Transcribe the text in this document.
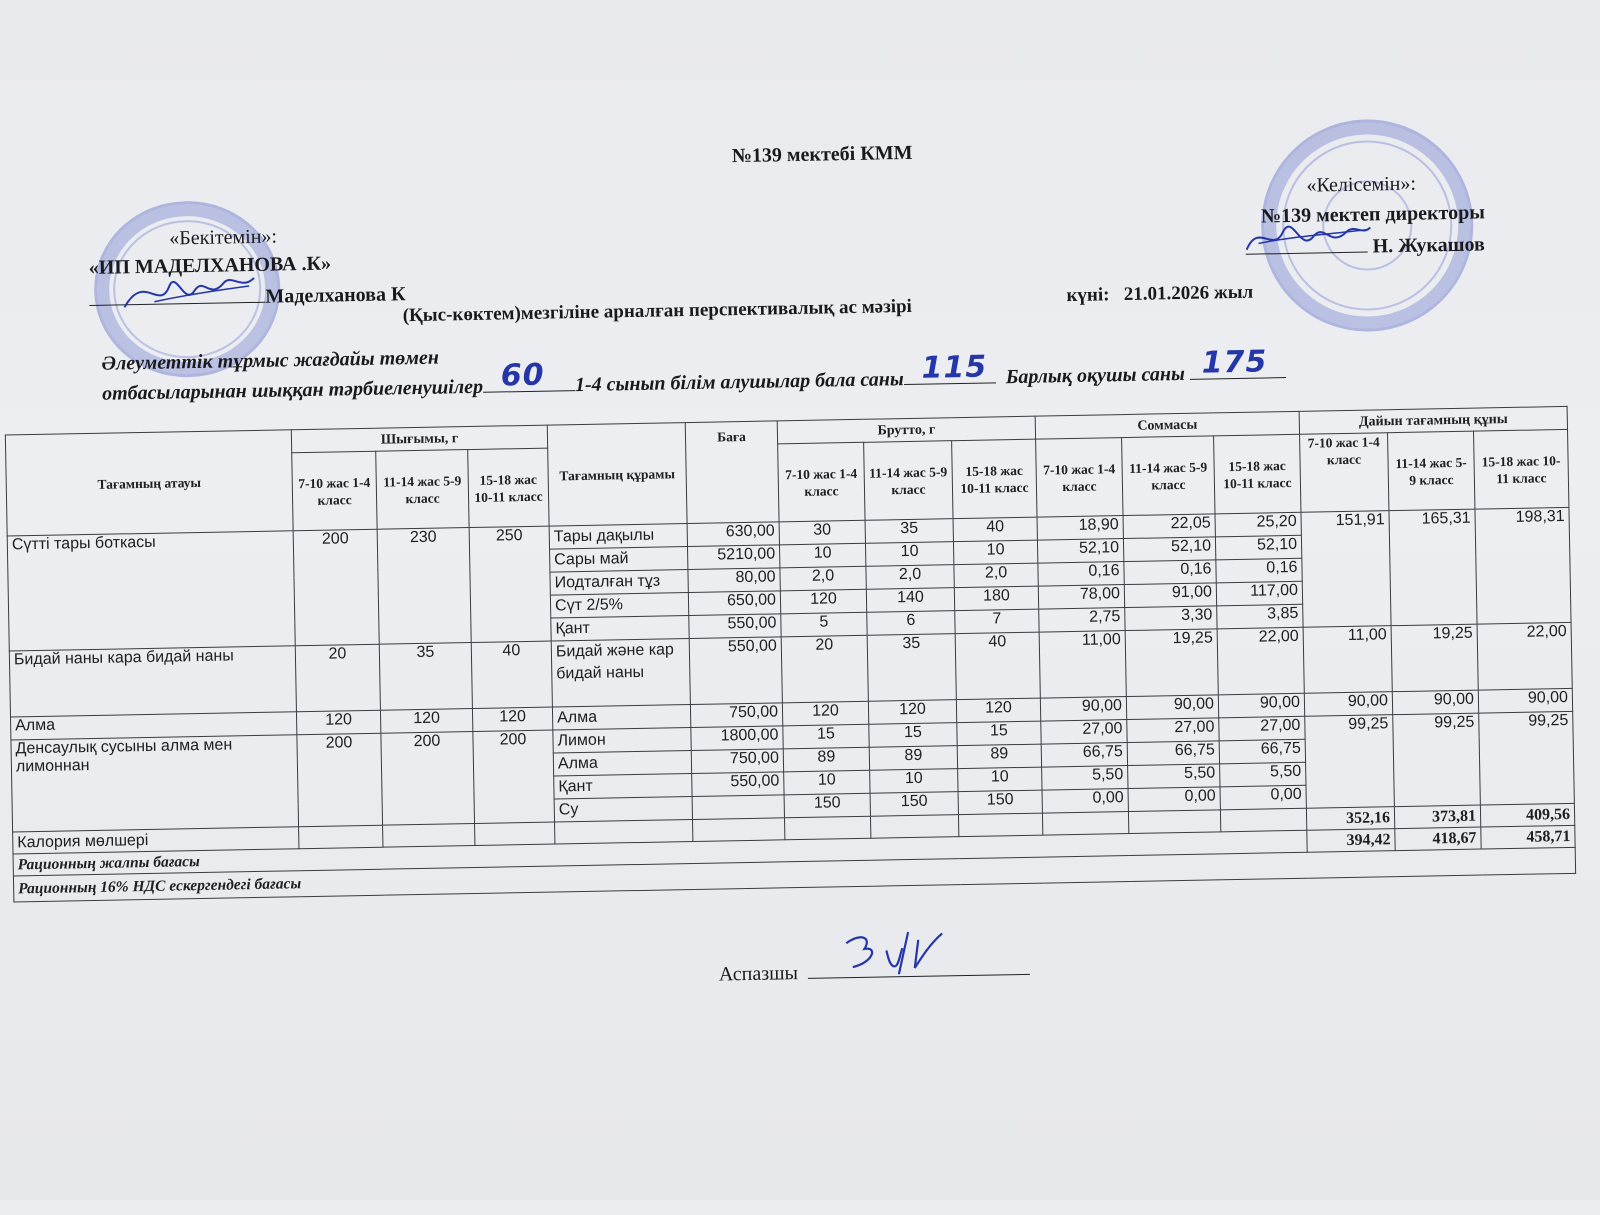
№139 мектебі КММ
«Бекітемін»:
«ИП МАДЕЛХАНОВА .К»
Маделханова К
«Келісемін»:
№139 мектеп директоры
Н. Жукашов
(Қыс-көктем)мезгіліне арналған перспективалық ас мәзірі
күні: 21.01.2026 жыл
Әлеуметтік тұрмыс жағдайы төмен
отбасыларынан шыққан тәрбиеленушілер 60 1-4 сынып білім алушылар бала саны 115 Барлық оқушы саны 175
Тағамның атауы	Шығымы, г			Тағамның құрамы	Баға	Брутто, г			Соммасы			Дайын тағамның құны		
	7-10 жас 1-4 класс	11-14 жас 5-9 класс	15-18 жас 10-11 класс			7-10 жас 1-4 класс	11-14 жас 5-9 класс	15-18 жас 10-11 класс	7-10 жас 1-4 класс	11-14 жас 5-9 класс	15-18 жас 10-11 класс	7-10 жас 1-4 класс	11-14 жас 5-9 класс	15-18 жас 10-11 класс
Сүтті тары боткасы	200	230	250	Тары дақылы	630,00	30	35	40	18,90	22,05	25,20	151,91	165,31	198,31
				Сары май	5210,00	10	10	10	52,10	52,10	52,10			
				Иодталған тұз	80,00	2,0	2,0	2,0	0,16	0,16	0,16			
				Сүт 2/5%	650,00	120	140	180	78,00	91,00	117,00			
				Қант	550,00	5	6	7	2,75	3,30	3,85			
Бидай наны кара бидай наны	20	35	40	Бидай және кар бидай наны	550,00	20	35	40	11,00	19,25	22,00	11,00	19,25	22,00
Алма	120	120	120	Алма	750,00	120	120	120	90,00	90,00	90,00	90,00	90,00	90,00
Денсаулық сусыны алма мен лимоннан	200	200	200	Лимон	1800,00	15	15	15	27,00	27,00	27,00	99,25	99,25	99,25
				Алма	750,00	89	89	89	66,75	66,75	66,75			
				Қант	550,00	10	10	10	5,50	5,50	5,50			
				Су		150	150	150	0,00	0,00	0,00			
Калория мөлшері												352,16	373,81	409,56
Рационның жалпы бағасы												394,42	418,67	458,71
Рационның 16% НДС ескергендегі бағасы														
Аспазшы
